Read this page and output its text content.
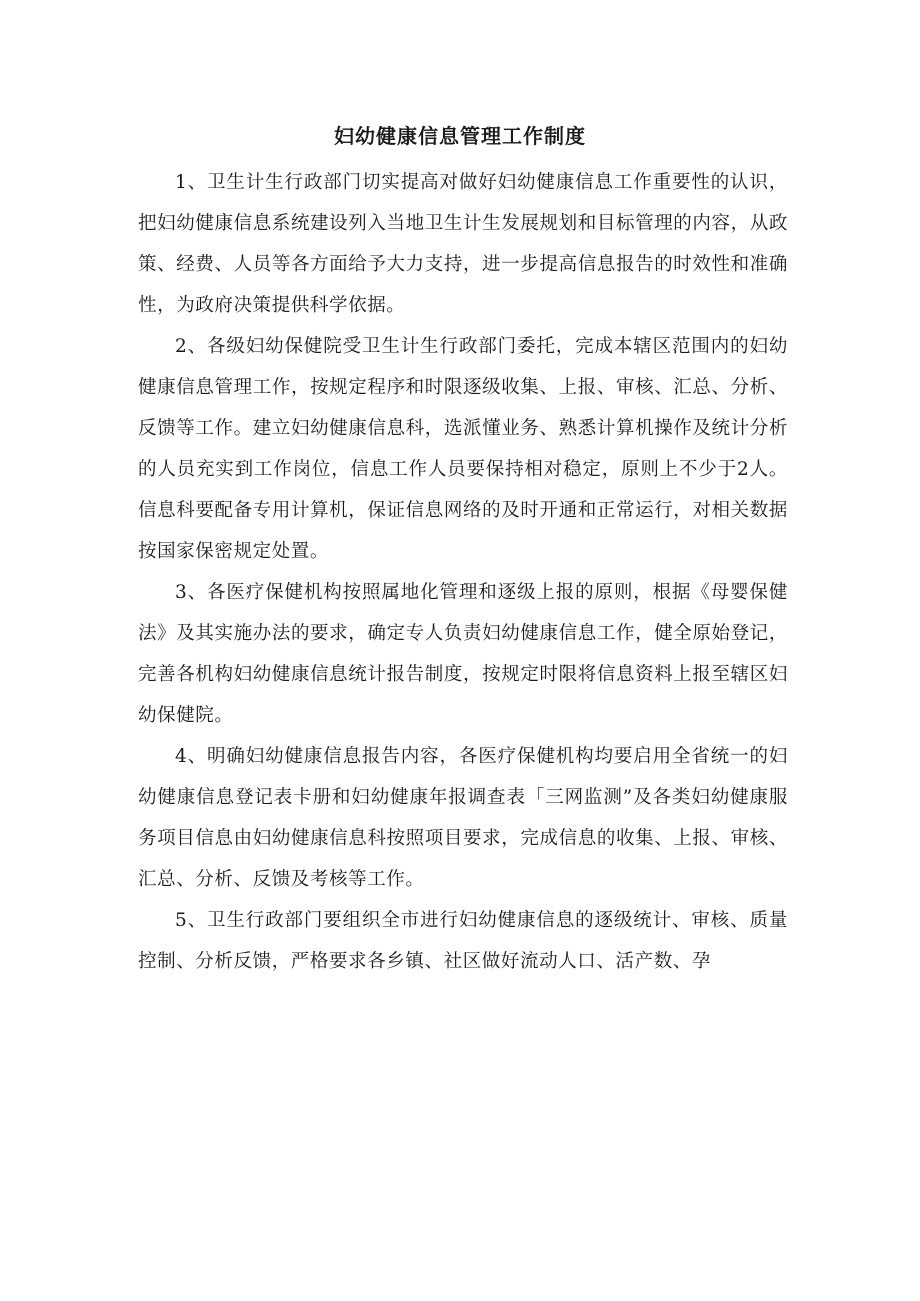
妇幼健康信息管理工作制度

1、卫生计生行政部门切实提高对做好妇幼健康信息工作重要性的认识，把妇幼健康信息系统建设列入当地卫生计生发展规划和目标管理的内容，从政策、经费、人员等各方面给予大力支持，进一步提高信息报告的时效性和准确性，为政府决策提供科学依据。

2、各级妇幼保健院受卫生计生行政部门委托，完成本辖区范围内的妇幼健康信息管理工作，按规定程序和时限逐级收集、上报、审核、汇总、分析、反馈等工作。建立妇幼健康信息科，选派懂业务、熟悉计算机操作及统计分析的人员充实到工作岗位，信息工作人员要保持相对稳定，原则上不少于2人。信息科要配备专用计算机，保证信息网络的及时开通和正常运行，对相关数据按国家保密规定处置。

3、各医疗保健机构按照属地化管理和逐级上报的原则，根据《母婴保健法》及其实施办法的要求，确定专人负责妇幼健康信息工作，健全原始登记，完善各机构妇幼健康信息统计报告制度，按规定时限将信息资料上报至辖区妇幼保健院。

4、明确妇幼健康信息报告内容，各医疗保健机构均要启用全省统一的妇幼健康信息登记表卡册和妇幼健康年报调查表「三网监测”及各类妇幼健康服务项目信息由妇幼健康信息科按照项目要求，完成信息的收集、上报、审核、汇总、分析、反馈及考核等工作。

5、卫生行政部门要组织全市进行妇幼健康信息的逐级统计、审核、质量控制、分析反馈，严格要求各乡镇、社区做好流动人口、活产数、孕
